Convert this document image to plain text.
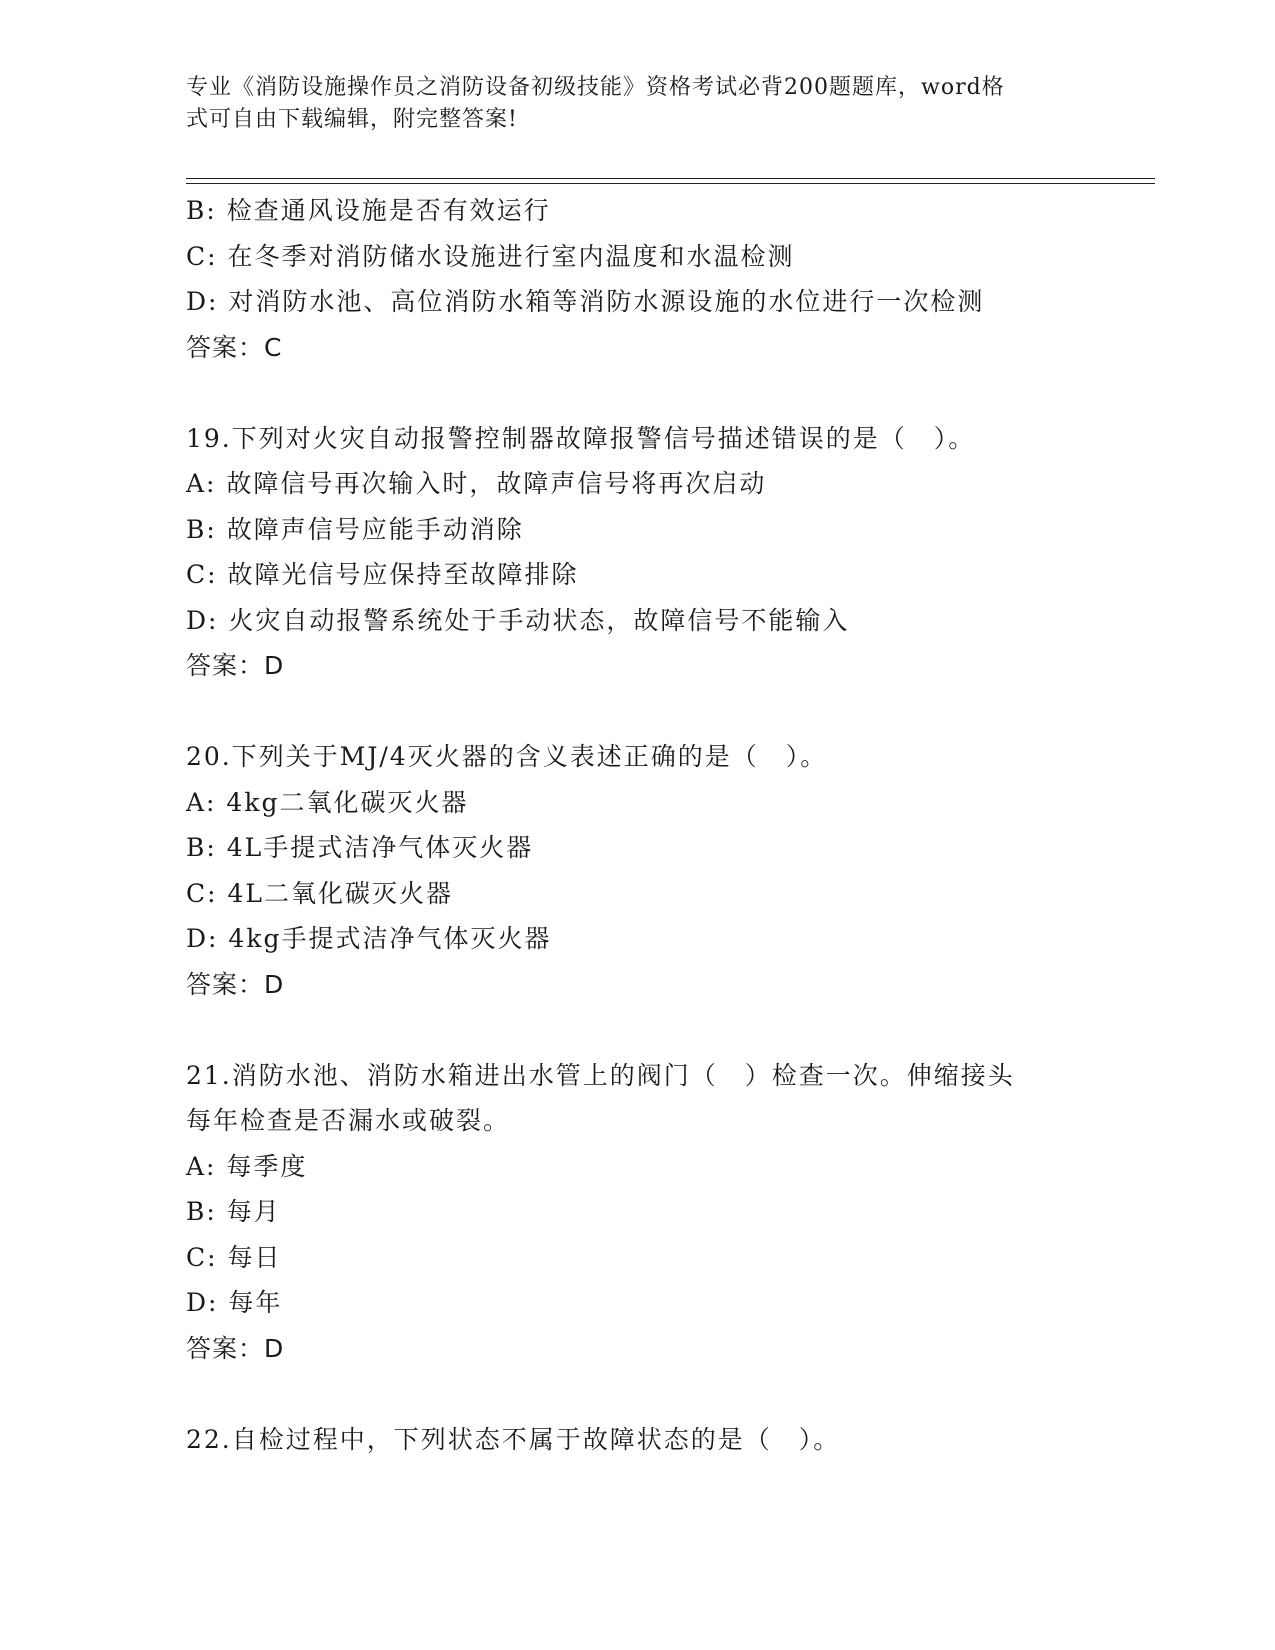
专业《消防设施操作员之消防设备初级技能》资格考试必背200题题库，word格
式可自由下载编辑，附完整答案!
B: 检查通风设施是否有效运行
C: 在冬季对消防储水设施进行室内温度和水温检测
D: 对消防水池、高位消防水箱等消防水源设施的水位进行一次检测
答案：C
19.下列对火灾自动报警控制器故障报警信号描述错误的是（　）。
A: 故障信号再次输入时，故障声信号将再次启动
B: 故障声信号应能手动消除
C: 故障光信号应保持至故障排除
D: 火灾自动报警系统处于手动状态，故障信号不能输入
答案：D
20.下列关于MJ/4灭火器的含义表述正确的是（　）。
A: 4kg二氧化碳灭火器
B: 4L手提式洁净气体灭火器
C: 4L二氧化碳灭火器
D: 4kg手提式洁净气体灭火器
答案：D
21.消防水池、消防水箱进出水管上的阀门（　）检查一次。伸缩接头
每年检查是否漏水或破裂。
A: 每季度
B: 每月
C: 每日
D: 每年
答案：D
22.自检过程中，下列状态不属于故障状态的是（　）。
